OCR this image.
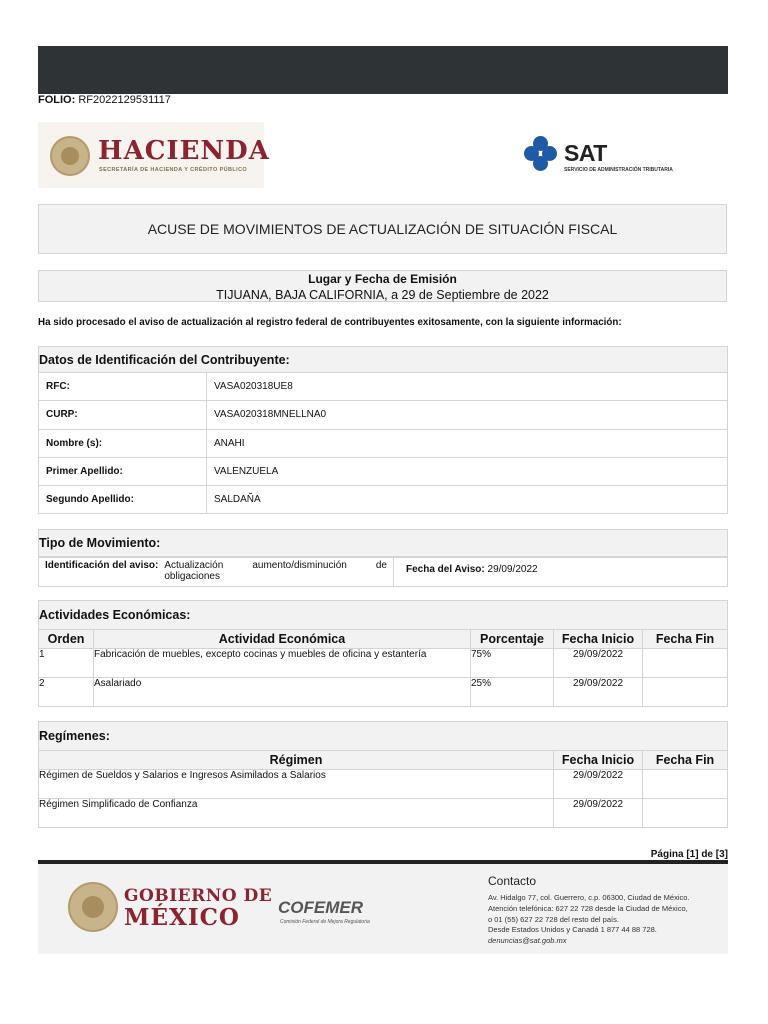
FOLIO: RF2022129531117
HACIENDA
SECRETARÍA DE HACIENDA Y CRÉDITO PÚBLICO
SAT
SERVICIO DE ADMINISTRACIÓN TRIBUTARIA
ACUSE DE MOVIMIENTOS DE ACTUALIZACIÓN DE SITUACIÓN FISCAL
Lugar y Fecha de Emisión
TIJUANA, BAJA CALIFORNIA, a 29 de Septiembre de 2022
Ha sido procesado el aviso de actualización al registro federal de contribuyentes exitosamente, con la siguiente información:
Datos de Identificación del Contribuyente:
RFC:	VASA020318UE8
CURP:	VASA020318MNELLNA0
Nombre (s):	ANAHI
Primer Apellido:	VALENZUELA
Segundo Apellido:	SALDAÑA
Tipo de Movimiento:
Identificación del aviso: Actualización aumento/disminución de obligaciones
	Fecha del Aviso: 29/09/2022
Actividades Económicas:
Orden	Actividad Económica	Porcentaje	Fecha Inicio	Fecha Fin
1	Fabricación de muebles, excepto cocinas y muebles de oficina y estantería	75%	29/09/2022	
2	Asalariado	25%	29/09/2022	
Regímenes:
Régimen	Fecha Inicio	Fecha Fin
Régimen de Sueldos y Salarios e Ingresos Asimilados a Salarios	29/09/2022	
Régimen Simplificado de Confianza	29/09/2022	
Página [1] de [3]
GOBIERNO DE
MÉXICO COFEMER
Comisión Federal de Mejora Regulatoria
Contacto
Av. Hidalgo 77, col. Guerrero, c.p. 06300, Ciudad de México.
Atención telefónica: 627 22 728 desde la Ciudad de México,
o 01 (55) 627 22 728 del resto del país.
Desde Estados Unidos y Canadá 1 877 44 88 728.
denuncias@sat.gob.mx
